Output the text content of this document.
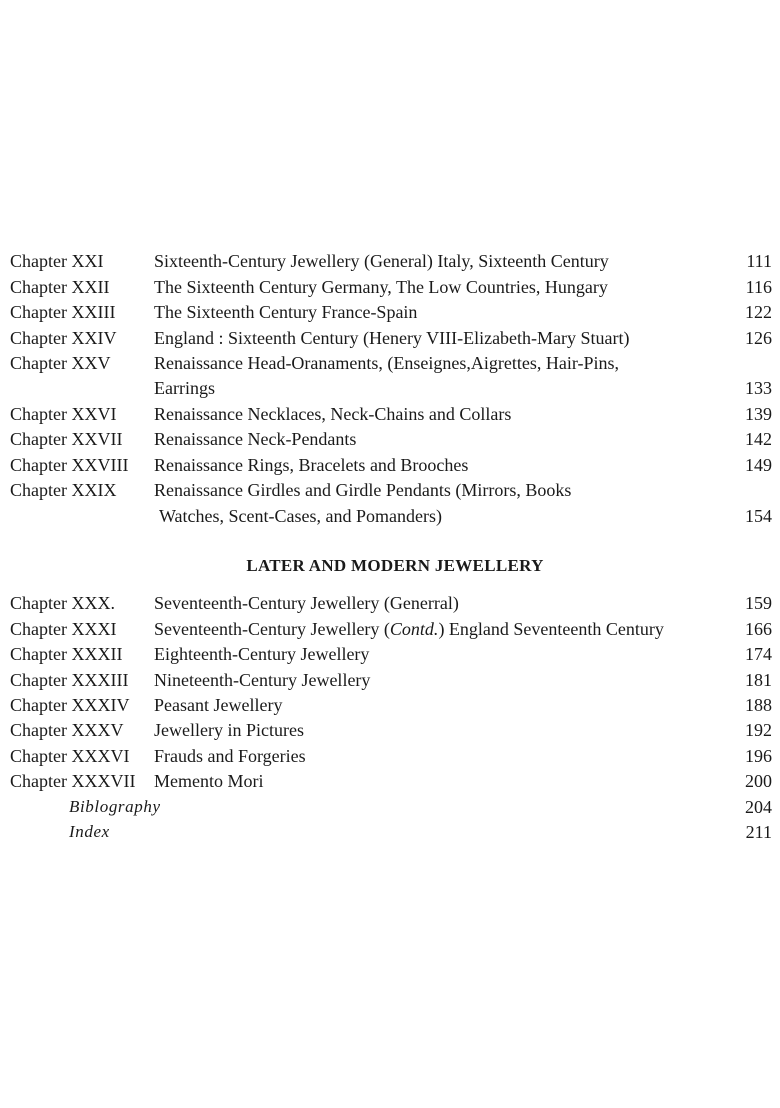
Chapter XXI	Sixteenth-Century Jewellery (General) Italy, Sixteenth Century	111
Chapter XXII The Sixteenth Century Germany, The Low Countries, Hungary	116
Chapter XXIII The Sixteenth Century France-Spain	122
Chapter XXIV England : Sixteenth Century (Henery VIII-Elizabeth-Mary Stuart)	126
Chapter XXV Renaissance Head-Oranaments, (Enseignes,Aigrettes, Hair-Pins,
Earrings	133
Chapter XXVI Renaissance Necklaces, Neck-Chains and Collars	139
Chapter XXVII Renaissance Neck-Pendants	142
Chapter XXVIII Renaissance Rings, Bracelets and Brooches	149
Chapter XXIX Renaissance Girdles and Girdle Pendants (Mirrors, Books
Watches, Scent-Cases, and Pomanders)	154
LATER AND MODERN JEWELLERY
Chapter XXX. Seventeenth-Century Jewellery (Generral)	159
Chapter XXXI Seventeenth-Century Jewellery (Contd.) England Seventeenth Century	166
Chapter XXXII Eighteenth-Century Jewellery	174
Chapter XXXIII Nineteenth-Century Jewellery	181
Chapter XXXIV Peasant Jewellery	188
Chapter XXXV Jewellery in Pictures	192
Chapter XXXVI Frauds and Forgeries	196
Chapter XXXVII Memento Mori	200
Biblography	204
Index	211
